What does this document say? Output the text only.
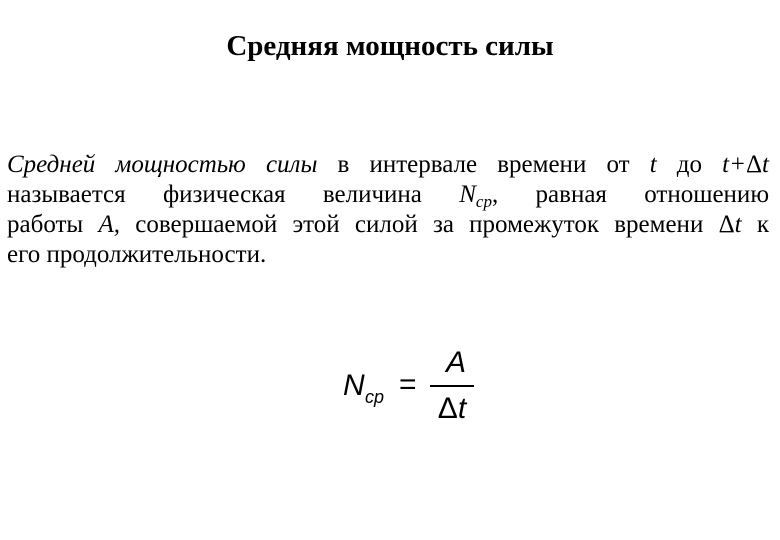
Средняя мощность силы
Средней мощностью силы в интервале времени от t до t+Δt
называется физическая величина $N_{ср}$, равная отношению
работы A, совершаемой этой силой за промежуток времени Δt к
его продолжительности.
N cp =
A
Δt
